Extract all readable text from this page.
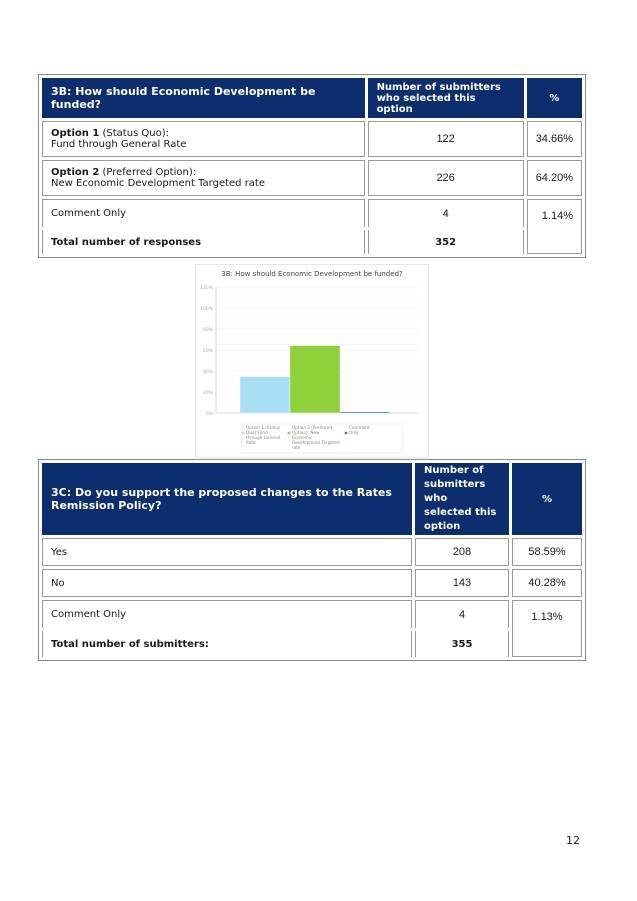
3B: How should Economic Development be funded?	Number of submitters who selected this option	%
Option 1 (Status Quo):
Fund through General Rate	122	34.66%
Option 2 (Preferred Option):
New Economic Development Targeted rate	226	64.20%
Comment Only	4	1.14%
Total number of responses	352	
3B: How should Economic Development be funded?
0%
20%
40%
60%
80%
100%
120%
Option 1 (Status
Quo):Fund
through General
Rate
Option 2 (Preferred
Option): New
Economic
Development Targeted
rate
Comment
Only
3C: Do you support the proposed changes to the Rates Remission Policy?	Number of
submitters who
selected this
option	%
Yes	208	58.59%
No	143	40.28%
Comment Only	4	1.13%
Total number of submitters:	355	
12
